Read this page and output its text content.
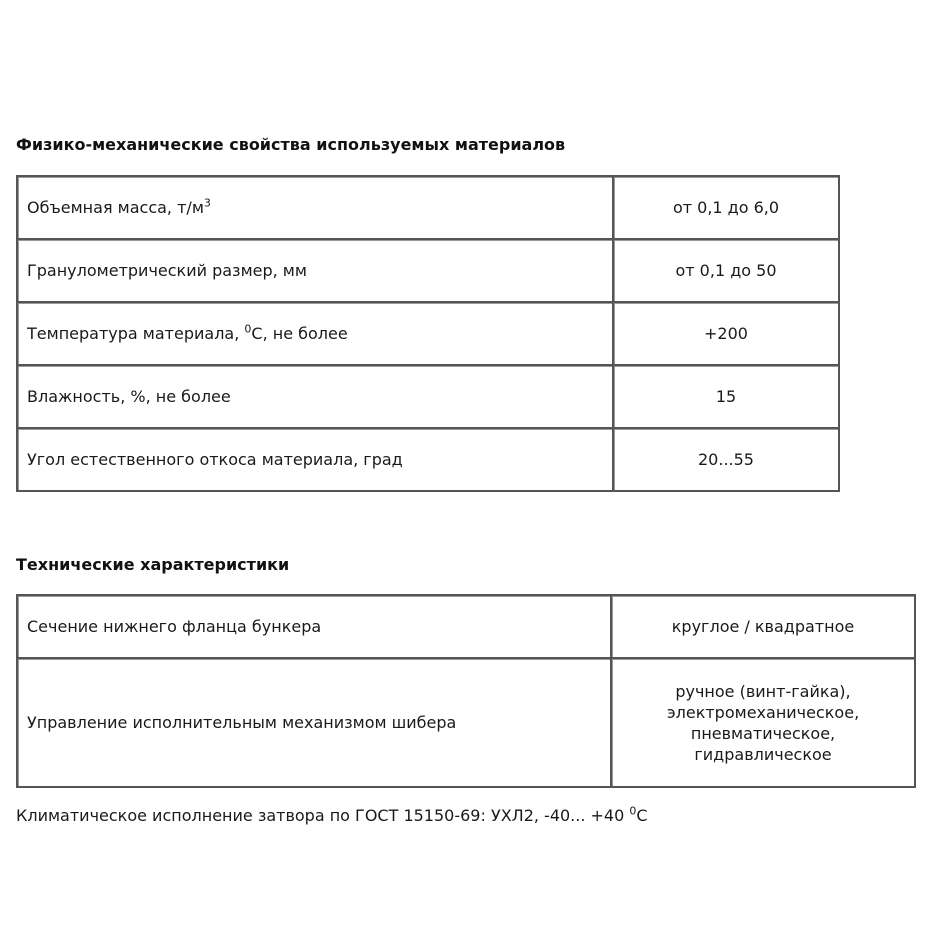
Физико-механические свойства используемых материалов
Объемная масса, $т/м^3$	от 0,1 до 6,0
Гранулометрический размер, мм	от 0,1 до 50
Температура материала, $^0$С, не более	+200
Влажность, %, не более	15
Угол естественного откоса материала, град	20...55
Технические характеристики
Сечение нижнего фланца бункера	круглое / квадратное

Управление исполнительным механизмом шибера	ручное (винт-гайка),
электромеханическое,
пневматическое,
гидравлическое

Климатическое исполнение затвора по ГОСТ 15150-69: УХЛ2, -40... +40 $^0$С
